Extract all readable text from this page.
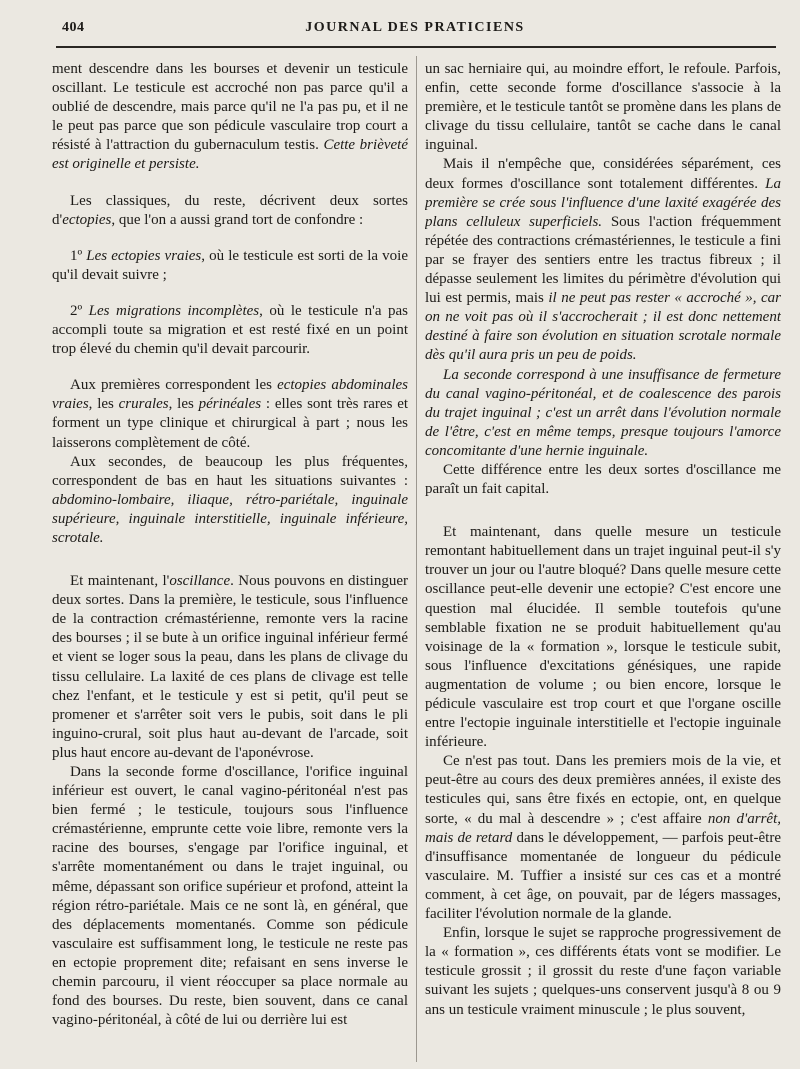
404	JOURNAL DES PRATICIENS

ment descendre dans les bourses et devenir un testicule oscillant. Le testicule est accroché non pas parce qu'il a oublié de descendre, mais parce qu'il ne l'a pas pu, et il ne le peut pas parce que son pédicule vasculaire trop court a résisté à l'attraction du gubernaculum testis. Cette brièveté est originelle et persiste.

Les classiques, du reste, décrivent deux sortes d'ectopies, que l'on a aussi grand tort de confondre :

1º Les ectopies vraies, où le testicule est sorti de la voie qu'il devait suivre ;

2º Les migrations incomplètes, où le testicule n'a pas accompli toute sa migration et est resté fixé en un point trop élevé du chemin qu'il devait parcourir.

Aux premières correspondent les ectopies abdominales vraies, les crurales, les périnéales : elles sont très rares et forment un type clinique et chirurgical à part ; nous les laisserons complètement de côté.

Aux secondes, de beaucoup les plus fréquentes, correspondent de bas en haut les situations suivantes : abdomino-lombaire, iliaque, rétro-pariétale, inguinale supérieure, inguinale interstitielle, inguinale inférieure, scrotale.

Et maintenant, l'oscillance. Nous pouvons en distinguer deux sortes. Dans la première, le testicule, sous l'influence de la contraction crémastérienne, remonte vers la racine des bourses ; il se bute à un orifice inguinal inférieur fermé et vient se loger sous la peau, dans les plans de clivage du tissu cellulaire. La laxité de ces plans de clivage est telle chez l'enfant, et le testicule y est si petit, qu'il peut se promener et s'arrêter soit vers le pubis, soit dans le pli inguino-crural, soit plus haut au-devant de l'arcade, soit plus haut encore au-devant de l'aponévrose.

Dans la seconde forme d'oscillance, l'orifice inguinal inférieur est ouvert, le canal vagino-péritonéal n'est pas bien fermé ; le testicule, toujours sous l'influence crémastérienne, emprunte cette voie libre, remonte vers la racine des bourses, s'engage par l'orifice inguinal, et s'arrête momentanément ou dans le trajet inguinal, ou même, dépassant son orifice supérieur et profond, atteint la région rétro-pariétale. Mais ce ne sont là, en général, que des déplacements momentanés. Comme son pédicule vasculaire est suffisamment long, le testicule ne reste pas en ectopie proprement dite; refaisant en sens inverse le chemin parcouru, il vient réoccuper sa place normale au fond des bourses. Du reste, bien souvent, dans ce canal vagino-péritonéal, à côté de lui ou derrière lui est

un sac herniaire qui, au moindre effort, le refoule. Parfois, enfin, cette seconde forme d'oscillance s'associe à la première, et le testicule tantôt se promène dans les plans de clivage du tissu cellulaire, tantôt se cache dans le canal inguinal.

Mais il n'empêche que, considérées séparément, ces deux formes d'oscillance sont totalement différentes. La première se crée sous l'influence d'une laxité exagérée des plans celluleux superficiels. Sous l'action fréquemment répétée des contractions crémastériennes, le testicule a fini par se frayer des sentiers entre les tractus fibreux ; il dépasse seulement les limites du périmètre d'évolution qui lui est permis, mais il ne peut pas rester « accroché », car on ne voit pas où il s'accrocherait ; il est donc nettement destiné à faire son évolution en situation scrotale normale dès qu'il aura pris un peu de poids.

La seconde correspond à une insuffisance de fermeture du canal vagino-péritonéal, et de coalescence des parois du trajet inguinal ; c'est un arrêt dans l'évolution normale de l'être, c'est en même temps, presque toujours l'amorce concomitante d'une hernie inguinale.

Cette différence entre les deux sortes d'oscillance me paraît un fait capital.

Et maintenant, dans quelle mesure un testicule remontant habituellement dans un trajet inguinal peut-il s'y trouver un jour ou l'autre bloqué? Dans quelle mesure cette oscillance peut-elle devenir une ectopie? C'est encore une question mal élucidée. Il semble toutefois qu'une semblable fixation ne se produit habituellement qu'au voisinage de la « formation », lorsque le testicule subit, sous l'influence d'excitations génésiques, une rapide augmentation de volume ; ou bien encore, lorsque le pédicule vasculaire est trop court et que l'organe oscille entre l'ectopie inguinale interstitielle et l'ectopie inguinale inférieure.

Ce n'est pas tout. Dans les premiers mois de la vie, et peut-être au cours des deux premières années, il existe des testicules qui, sans être fixés en ectopie, ont, en quelque sorte, « du mal à descendre » ; c'est affaire non d'arrêt, mais de retard dans le développement, — parfois peut-être d'insuffisance momentanée de longueur du pédicule vasculaire. M. Tuffier a insisté sur ces cas et a montré comment, à cet âge, on pouvait, par de légers massages, faciliter l'évolution normale de la glande.

Enfin, lorsque le sujet se rapproche progressivement de la « formation », ces différents états vont se modifier. Le testicule grossit ; il grossit du reste d'une façon variable suivant les sujets ; quelques-uns conservent jusqu'à 8 ou 9 ans un testicule vraiment minuscule ; le plus souvent,
